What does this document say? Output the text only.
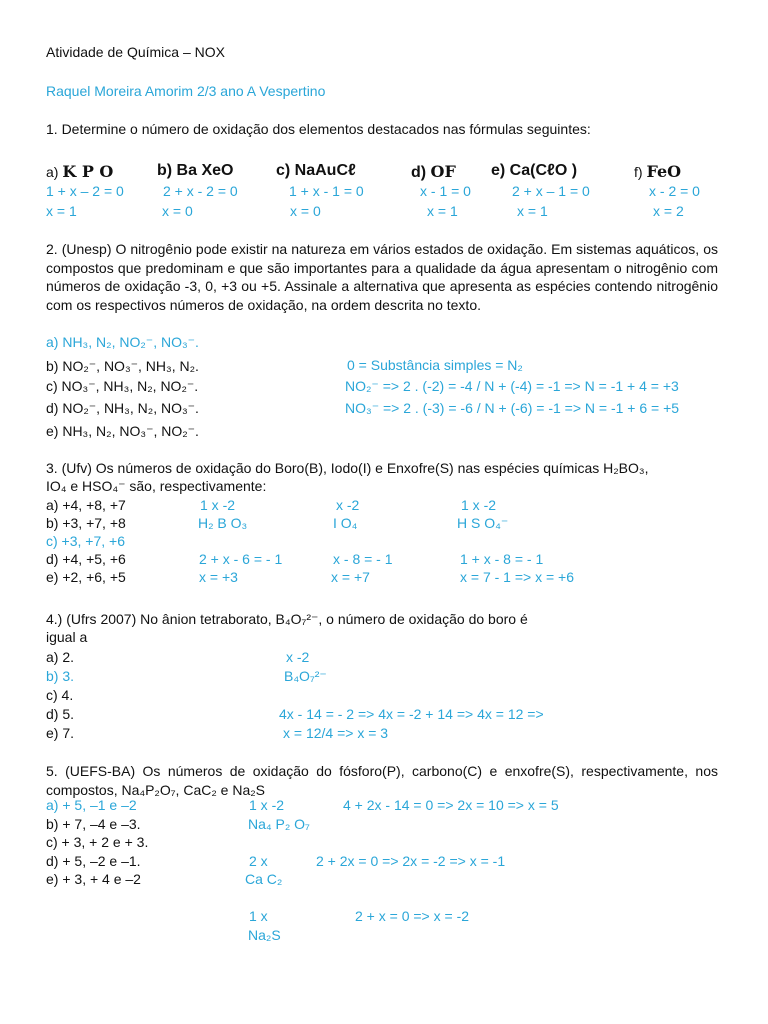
Atividade de Química – NOX
Raquel Moreira Amorim 2/3 ano A Vespertino
1. Determine o número de oxidação dos elementos destacados nas fórmulas seguintes:
a) K P O	b) Ba XeO	c) NaAuCℓ	d) OF e) Ca(CℓO )	f) FeO
1 + x – 2 = 0	2 + x - 2 = 0	1 + x - 1 = 0	x - 1 = 0	2 + x – 1 = 0	x - 2 = 0
x = 1	x = 0	x = 0	x = 1	x = 1	x = 2
2. (Unesp) O nitrogênio pode existir na natureza em vários estados de oxidação. Em sistemas aquáticos, os compostos que predominam e que são importantes para a qualidade da água apresentam o nitrogênio com números de oxidação -3, 0, +3 ou +5. Assinale a alternativa que apresenta as espécies contendo nitrogênio com os respectivos números de oxidação, na ordem descrita no texto.
a) NH₃, N₂, NO₂⁻, NO₃⁻.
b) NO₂⁻, NO₃⁻, NH₃, N₂.
c) NO₃⁻, NH₃, N₂, NO₂⁻.
d) NO₂⁻, NH₃, N₂, NO₃⁻.
e) NH₃, N₂, NO₃⁻, NO₂⁻.
0 = Substância simples = N₂
NO₂⁻ => 2 . (-2) = -4 / N + (-4) = -1 => N = -1 + 4 = +3
NO₃⁻ => 2 . (-3) = -6 / N + (-6) = -1 => N = -1 + 6 = +5
3. (Ufv) Os números de oxidação do Boro(B), Iodo(I) e Enxofre(S) nas espécies químicas H₂BO₃,
IO₄ e HSO₄⁻ são, respectivamente:
a) +4, +8, +7
b) +3, +7, +8
c) +3, +7, +6
d) +4, +5, +6
e) +2, +6, +5
1 x -2
H₂ B O₃
2 + x - 6 = - 1
x = +3
x -2
I O₄
x - 8 = - 1
x = +7
1 x -2
H S O₄⁻
1 + x - 8 = - 1
x = 7 - 1 => x = +6
4.) (Ufrs 2007) No ânion tetraborato, B₄O₇²⁻, o número de oxidação do boro é
igual a
a) 2.
b) 3.
c) 4.
d) 5.
e) 7.
x -2
B₄O₇²⁻
4x - 14 = - 2 => 4x = -2 + 14 => 4x = 12 =>
x = 12/4 => x = 3
5. (UEFS-BA) Os números de oxidação do fósforo(P), carbono(C) e enxofre(S), respectivamente, nos compostos, Na₄P₂O₇, CaC₂ e Na₂S
a) + 5, –1 e –2
b) + 7, –4 e –3.
c) + 3, + 2 e + 3.
d) + 5, –2 e –1.
e) + 3, + 4 e –2
1 x -2	4 + 2x - 14 = 0 => 2x = 10 => x = 5
Na₄ P₂ O₇
2 x	2 + 2x = 0 => 2x = -2 => x = -1
Ca C₂
1 x	2 + x = 0 => x = -2
Na₂S
